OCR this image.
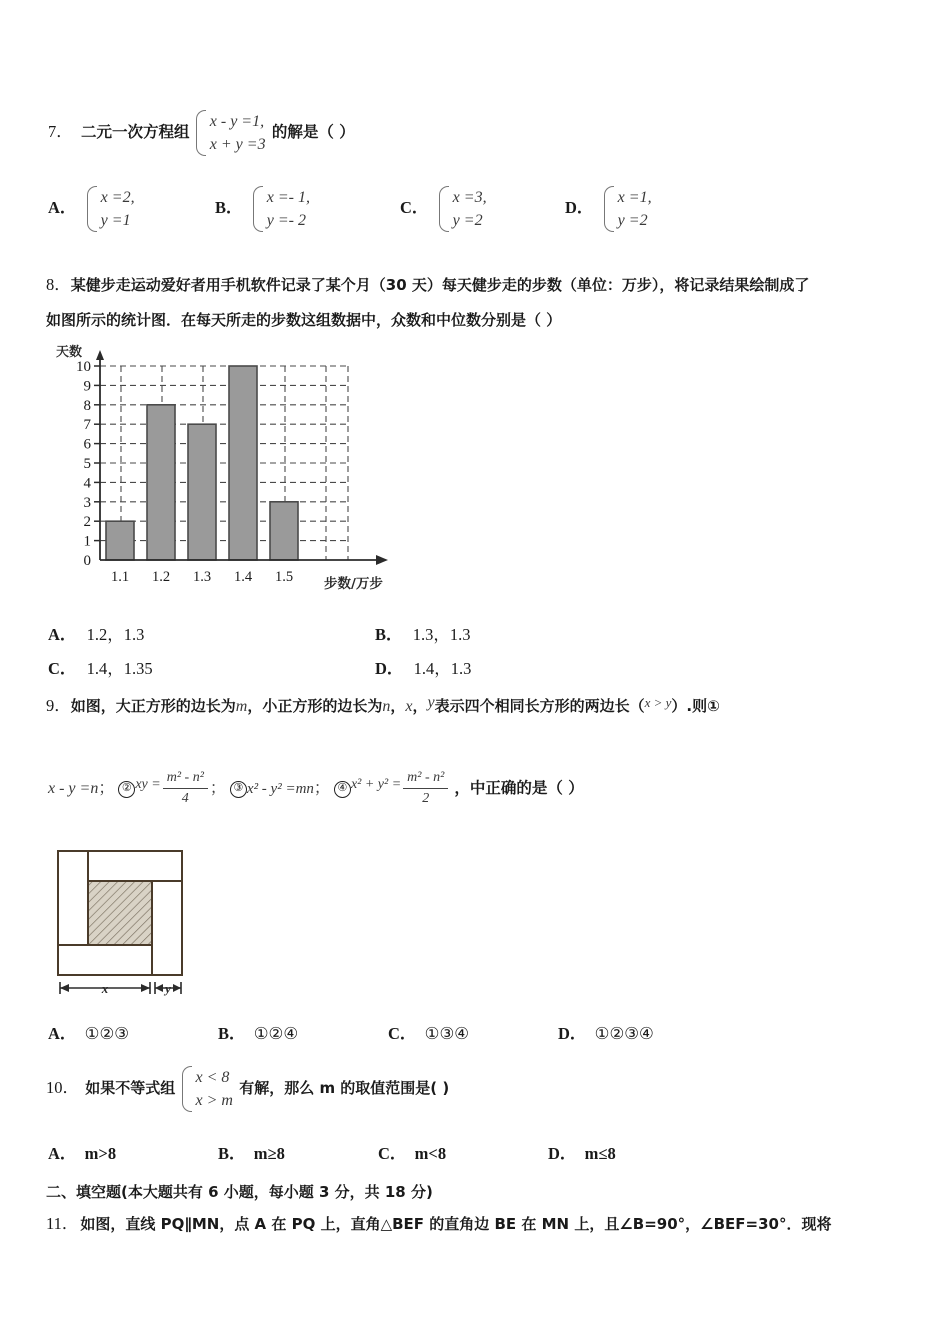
7． 二元一次方程组
x - y =1,
x + y =3
的解是（ ）
A．
x =2,
y =1
B．
x =- 1,
y =- 2
C．
x =3,
y =2
D．
x =1,
y =2
8．某健步走运动爱好者用手机软件记录了某个月（30 天）每天健步走的步数（单位：万步），将记录结果绘制成了
如图所示的统计图．在每天所走的步数这组数据中，众数和中位数分别是（ ）
天数
10
9
8
7
6
5
4
3
2
1
0
1.1 1.2 1.3 1.4 1.5 步数/万步
A． 1.2，1.3	B． 1.3，1.3
C． 1.4，1.35	D． 1.4，1.3
9．如图，大正方形的边长为m，小正方形的边长为n，x，y表示四个相同长方形的两边长（$^{x > y}$）.则①
x - y =n； ② xy = $\frac{\text{m² - n²}}{4}$ ； ③ x² - y² =mn； ④ $x^2 + y^2 = \frac{\text{m² - n²}}{2}$ ，中正确的是（ ）
x	y
A． ①②③	B． ①②④	C． ①③④	D． ①②③④
10． 如果不等式组
x < 8
x > m
有解，那么 m 的取值范围是( )
A． m>8	B． m≥8	C． m<8	D． m≤8
二、填空题(本大题共有 6 小题，每小题 3 分，共 18 分)
11． 如图，直线 PQ∥MN，点 A 在 PQ 上，直角△BEF 的直角边 BE 在 MN 上，且∠B=90°，∠BEF=30°．现将
